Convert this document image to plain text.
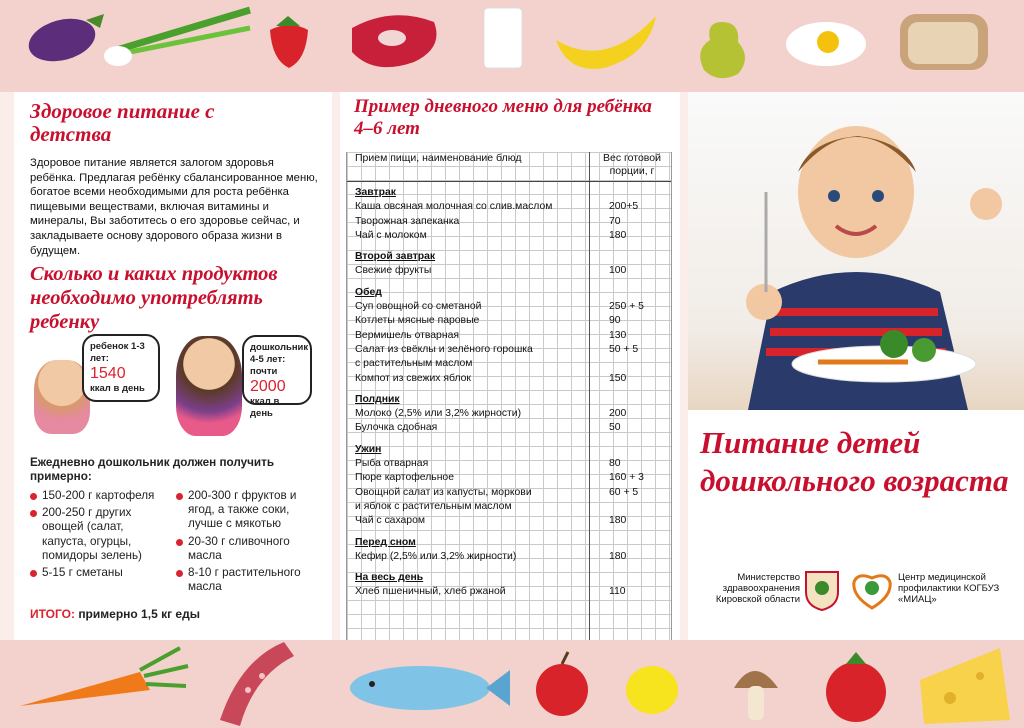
Здоровое питание с детства
Здоровое питание является залогом здоровья ребёнка. Предлагая ребёнку сбалансированное меню, богатое всеми необходимыми для роста ребёнка пищевыми веществами, включая витамины и минералы, Вы заботитесь о его здоровье сейчас, и закладываете основу здорового образа жизни в будущем.
Сколько и каких продуктов необходимо употреблять ребенку
ребенок 1-3 лет:
1540
ккал в день
дошкольник 4-5 лет:
почти 2000
ккал в день
Ежедневно дошкольник должен получить примерно:
150-200 г картофеля
200-250 г других овощей (салат, капуста, огурцы, помидоры зелень)
5-15 г сметаны
200-300 г фруктов и ягод, а также соки, лучше с мякотью
20-30 г сливочного масла
8-10 г растительного масла
ИТОГО: примерно 1,5 кг еды
Пример дневного меню для ребёнка 4–6 лет
Прием пищи, наименование блюд	Вес готовой порции, г
Завтрак
Каша овсяная молочная со слив.маслом	200+5
Творожная запеканка	70
Чай с молоком	180
Второй завтрак
Свежие фрукты	100
Обед
Суп овощной со сметаной	250 + 5
Котлеты мясные паровые	90
Вермишель отварная	130
Салат из свёклы и зелёного горошка	50 + 5
с растительным маслом
Компот из свежих яблок	150
Полдник
Молоко (2,5% или 3,2% жирности)	200
Булочка сдобная	50
Ужин
Рыба отварная	80
Пюре картофельное	160 + 3
Овощной салат из капусты, моркови	60 + 5
и яблок с растительным маслом
Чай с сахаром	180
Перед сном
Кефир (2,5% или 3,2% жирности)	180
На весь день
Хлеб пшеничный, хлеб ржаной	110
Питание детей дошкольного возраста
Министерство здравоохранения Кировской области
Центр медицинской профилактики КОГБУЗ «МИАЦ»
